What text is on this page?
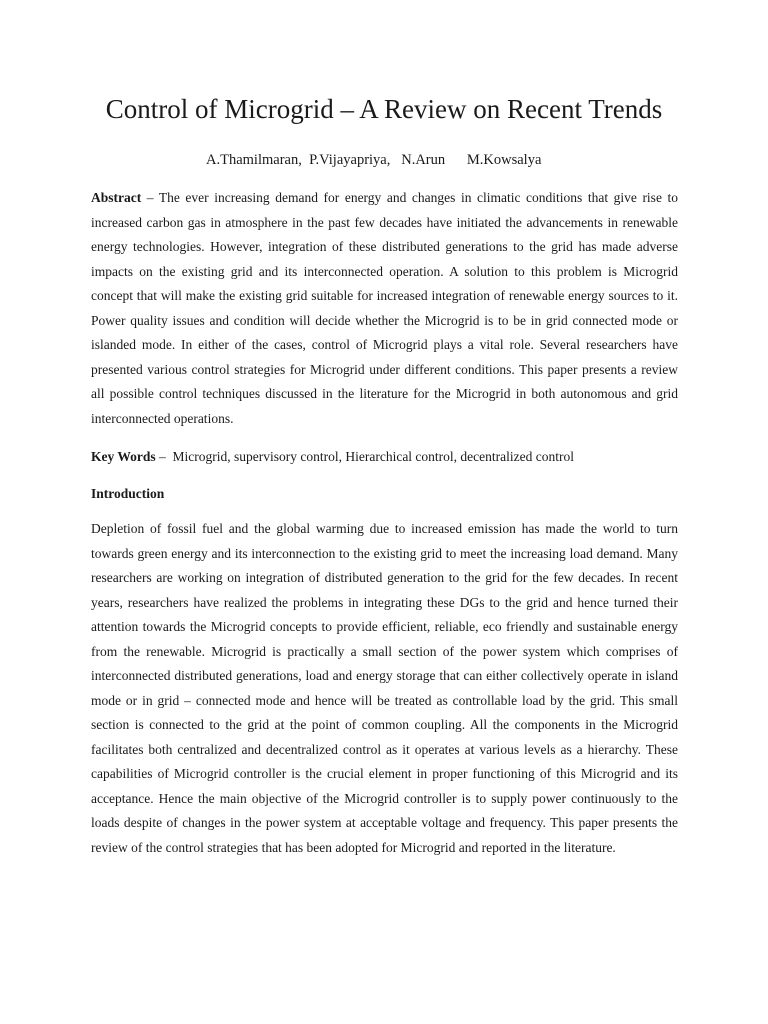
Control of Microgrid – A Review on Recent Trends
A.Thamilmaran,  P.Vijayapriya,   N.Arun      M.Kowsalya

Abstract – The ever increasing demand for energy and changes in climatic conditions that give rise to increased carbon gas in atmosphere in the past few decades have initiated the advancements in renewable energy technologies. However, integration of these distributed generations to the grid has made adverse impacts on the existing grid and its interconnected operation. A solution to this problem is Microgrid concept that will make the existing grid suitable for increased integration of renewable energy sources to it. Power quality issues and condition will decide whether the Microgrid is to be in grid connected mode or islanded mode. In either of the cases, control of Microgrid plays a vital role. Several researchers have presented various control strategies for Microgrid under different conditions. This paper presents a review all possible control techniques discussed in the literature for the Microgrid in both autonomous and grid interconnected operations.

Key Words –  Microgrid, supervisory control, Hierarchical control, decentralized control

Introduction

Depletion of fossil fuel and the global warming due to increased emission has made the world to turn towards green energy and its interconnection to the existing grid to meet the increasing load demand. Many researchers are working on integration of distributed generation to the grid for the few decades. In recent years, researchers have realized the problems in integrating these DGs to the grid and hence turned their attention towards the Microgrid concepts to provide efficient, reliable, eco friendly and sustainable energy from the renewable. Microgrid is practically a small section of the power system which comprises of interconnected distributed generations, load and energy storage that can either collectively operate in island mode or in grid – connected mode and hence will be treated as controllable load by the grid. This small section is connected to the grid at the point of common coupling. All the components in the Microgrid facilitates both centralized and decentralized control as it operates at various levels as a hierarchy. These capabilities of Microgrid controller is the crucial element in proper functioning of this Microgrid and its acceptance. Hence the main objective of the Microgrid controller is to supply power continuously to the loads despite of changes in the power system at acceptable voltage and frequency. This paper presents the review of the control strategies that has been adopted for Microgrid and reported in the literature.
